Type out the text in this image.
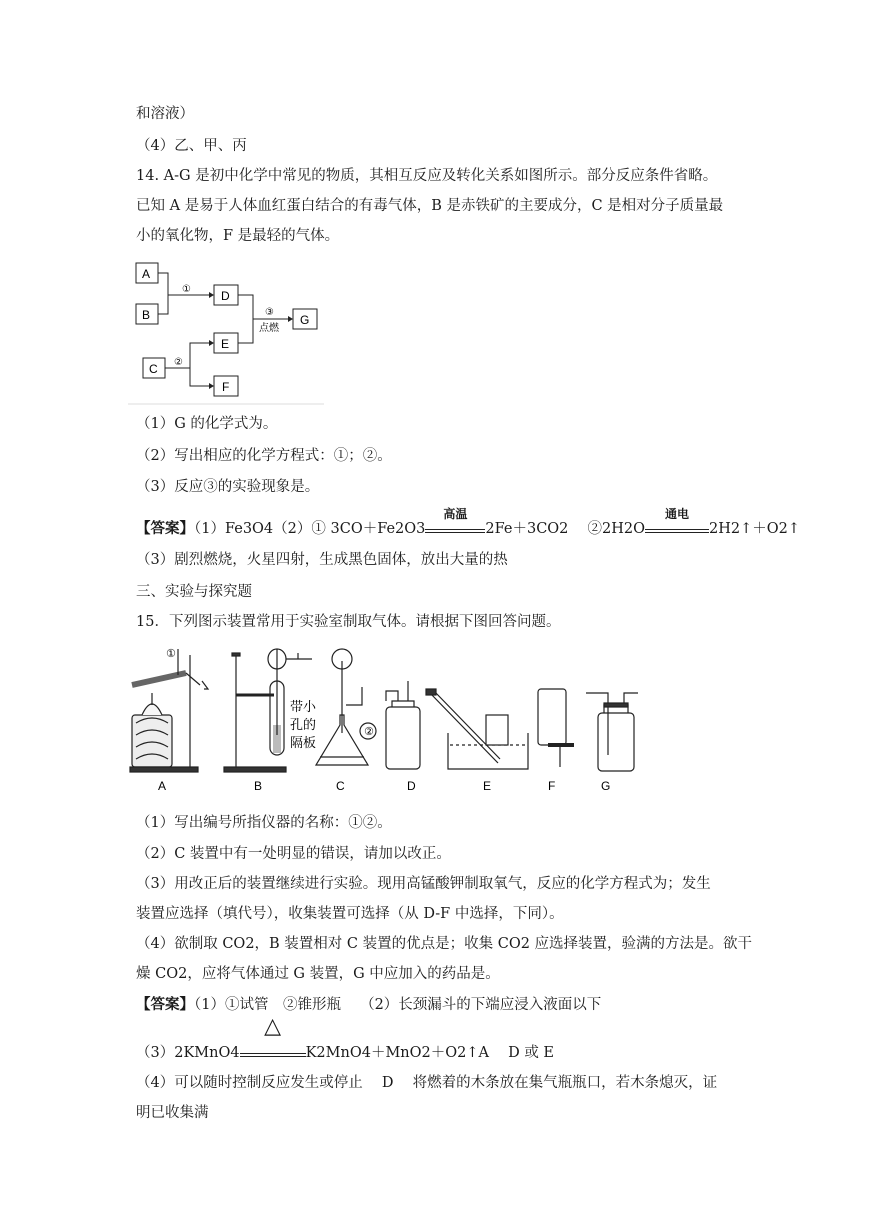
和溶液）
（4）乙、甲、丙
14. A-G 是初中化学中常见的物质，其相互反应及转化关系如图所示。部分反应条件省略。
已知 A 是易于人体血红蛋白结合的有毒气体，B 是赤铁矿的主要成分，C 是相对分子质量最
小的氧化物，F 是最轻的气体。
A
B
D
E
F
C
G
①
②
③
点燃
（1）G 的化学式为。
（2）写出相应的化学方程式：①；②。
（3）反应③的实验现象是。
【答案】（1）Fe3O4（2）① 3CO＋Fe2O3
高温
2Fe＋3CO2　 ②2H2O
通电
2H2↑＋O2↑
（3）剧烈燃烧，火星四射，生成黑色固体，放出大量的热
三、实验与探究题
15．下列图示装置常用于实验室制取气体。请根据下图回答问题。
①
②
带小
孔的
隔板
A	B	C	D	E	F	G
（1）写出编号所指仪器的名称：①②。
（2）C 装置中有一处明显的错误，请加以改正。
（3）用改正后的装置继续进行实验。现用高锰酸钾制取氧气，反应的化学方程式为；发生
装置应选择（填代号），收集装置可选择（从 D-F 中选择，下同）。
（4）欲制取 CO2，B 装置相对 C 装置的优点是；收集 CO2 应选择装置，验满的方法是。欲干
燥 CO2，应将气体通过 G 装置，G 中应加入的药品是。
【答案】（1）①试管　②锥形瓶　 （2）长颈漏斗的下端应浸入液面以下
（3）2KMnO4
△
K2MnO4＋MnO2＋O2↑A　 D 或 E
（4）可以随时控制反应发生或停止　 D　 将燃着的木条放在集气瓶瓶口，若木条熄灭，证
明已收集满
